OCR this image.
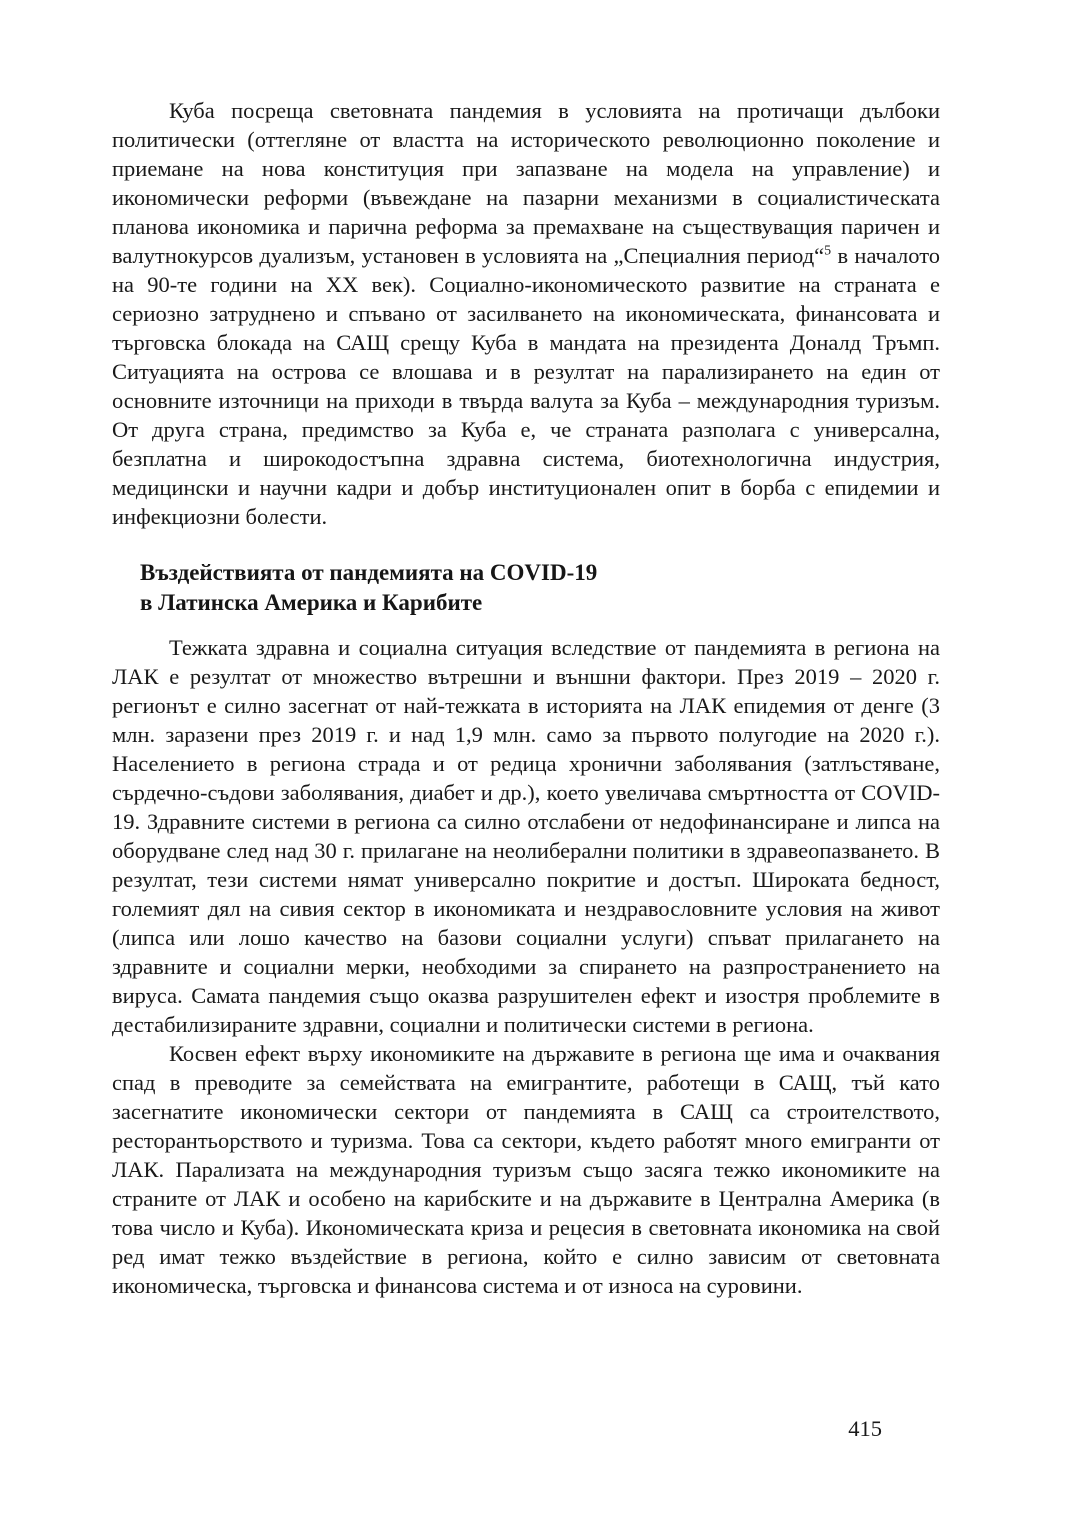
Куба посреща световната пандемия в условията на протичащи дълбоки политически (оттегляне от властта на историческото революционно поколение и приемане на нова конституция при запазване на модела на управление) и икономически реформи (въвеждане на пазарни механизми в социалистическата планова икономика и парична реформа за премахване на съществуващия паричен и валутнокурсов дуализъм, установен в условията на „Специалния период“$^5$ в началото на 90-те години на ХХ век). Социално-икономическото развитие на страната е сериозно затруднено и спъвано от засилването на икономическата, финансовата и търговска блокада на САЩ срещу Куба в мандата на президента Доналд Тръмп. Ситуацията на острова се влошава и в резултат на парализирането на един от основните източници на приходи в твърда валута за Куба – международния туризъм. От друга страна, предимство за Куба е, че страната разполага с универсална, безплатна и широкодостъпна здравна система, биотехнологична индустрия, медицински и научни кадри и добър институционален опит в борба с епидемии и инфекциозни болести.

Въздействията от пандемията на COVID-19
в Латинска Америка и Карибите

Тежката здравна и социална ситуация вследствие от пандемията в региона на ЛАК е резултат от множество вътрешни и външни фактори. През 2019 – 2020 г. регионът е силно засегнат от най-тежката в историята на ЛАК епидемия от денге (3 млн. заразени през 2019 г. и над 1,9 млн. само за първото полугодие на 2020 г.). Населението в региона страда и от редица хронични заболявания (затлъстяване, сърдечно-съдови заболявания, диабет и др.), което увеличава смъртността от COVID-19. Здравните системи в региона са силно отслабени от недофинансиране и липса на оборудване след над 30 г. прилагане на неолиберални политики в здравеопазването. В резултат, тези системи нямат универсално покритие и достъп. Широката бедност, големият дял на сивия сектор в икономиката и нездравословните условия на живот (липса или лошо качество на базови социални услуги) спъват прилагането на здравните и социални мерки, необходими за спирането на разпространението на вируса. Самата пандемия също оказва разрушителен ефект и изостря проблемите в дестабилизираните здравни, социални и политически системи в региона.

Косвен ефект върху икономиките на държавите в региона ще има и очаквания спад в преводите за семействата на емигрантите, работещи в САЩ, тъй като засегнатите икономически сектори от пандемията в САЩ са строителството, ресторантьорството и туризма. Това са сектори, където работят много емигранти от ЛАК. Парализата на международния туризъм също засяга тежко икономиките на страните от ЛАК и особено на карибските и на държавите в Централна Америка (в това число и Куба). Икономическата криза и рецесия в световната икономика на свой ред имат тежко въздействие в региона, който е силно зависим от световната икономическа, търговска и финансова система и от износа на суровини.

415
